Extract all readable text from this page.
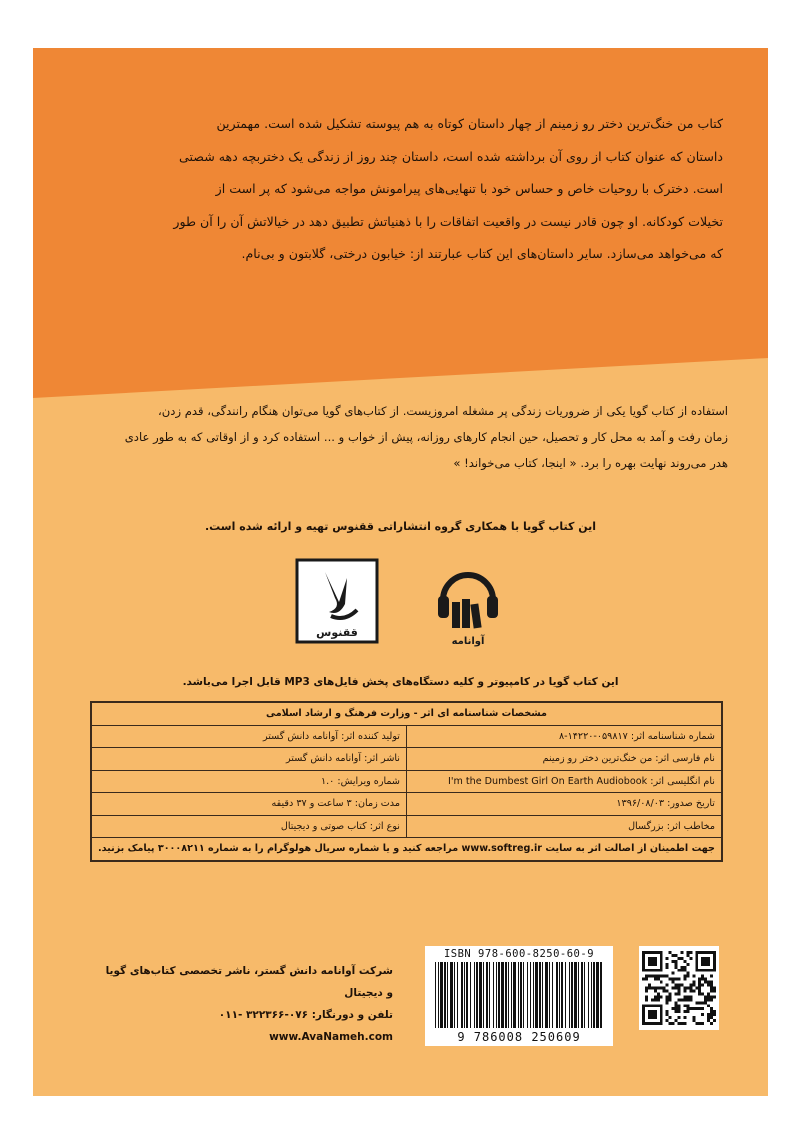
کتاب من خنگ‌ترین دختر رو زمینم از چهار داستان کوتاه به هم پیوسته تشکیل شده است. مهمترین

داستان که عنوان کتاب از روی آن برداشته شده است، داستان چند روز از زندگی یک دختربچه دهه شصتی

است. دخترک با روحیات خاص و حساس خود با تنهایی‌های پیرامونش مواجه می‌شود که پر است از

تخیلات کودکانه. او چون قادر نیست در واقعیت اتفاقات را با ذهنیاتش تطبیق دهد در خیالاتش آن را آن طور

که می‌خواهد می‌سازد. سایر داستان‌های این کتاب عبارتند از: خیابون درختی، گلابتون و بی‌نام.

استفاده از کتاب گویا یکی از ضروریات زندگی پر مشغله امروزیست. از کتاب‌های گویا می‌توان هنگام رانندگی، قدم زدن،

زمان رفت و آمد به محل کار و تحصیل، حین انجام کارهای روزانه، پیش از خواب و ... استفاده کرد و از اوقاتی که به طور عادی

هدر می‌روند نهایت بهره را برد. « اینجا، کتاب می‌خواند! »

این کتاب گویا با همکاری گروه انتشاراتی ققنوس تهیه و ارائه شده است.
آوانامه
ققنوس
این کتاب گویا در کامپیوتر و کلیه دستگاه‌های پخش فایل‌های MP3 قابل اجرا می‌باشد.
مشخصات شناسنامه ای اثر - وزارت فرهنگ و ارشاد اسلامی	
شماره شناسنامه اثر: ۰۵۹۸۱۷-۱۴۲۲۰-۸	تولید کننده اثر: آوانامه دانش گستر
نام فارسی اثر: من خنگ‌ترین دختر رو زمینم	ناشر اثر: آوانامه دانش گستر
نام انگلیسی اثر: I'm the Dumbest Girl On Earth Audiobook	شماره ویرایش: ۱.۰
تاریخ صدور: ۱۳۹۶/۰۸/۰۳	مدت زمان: ۳ ساعت و ۳۷ دقیقه
مخاطب اثر: بزرگسال	نوع اثر: کتاب صوتی و دیجیتال
جهت اطمینان از اصالت اثر به سایت www.softreg.ir مراجعه کنید و یا شماره سریال هولوگرام را به شماره ۳۰۰۰۸۲۱۱ پیامک بزنید.	
شرکت آوانامه دانش گستر، ناشر تخصصی کتاب‌های گویا و دیجیتال
تلفن و دورنگار: ۰۷۶-۳۲۲۳۶۶ -۰۱۱
www.AvaNameh.com
ISBN 978-600-8250-60-9
9 786008 250609
